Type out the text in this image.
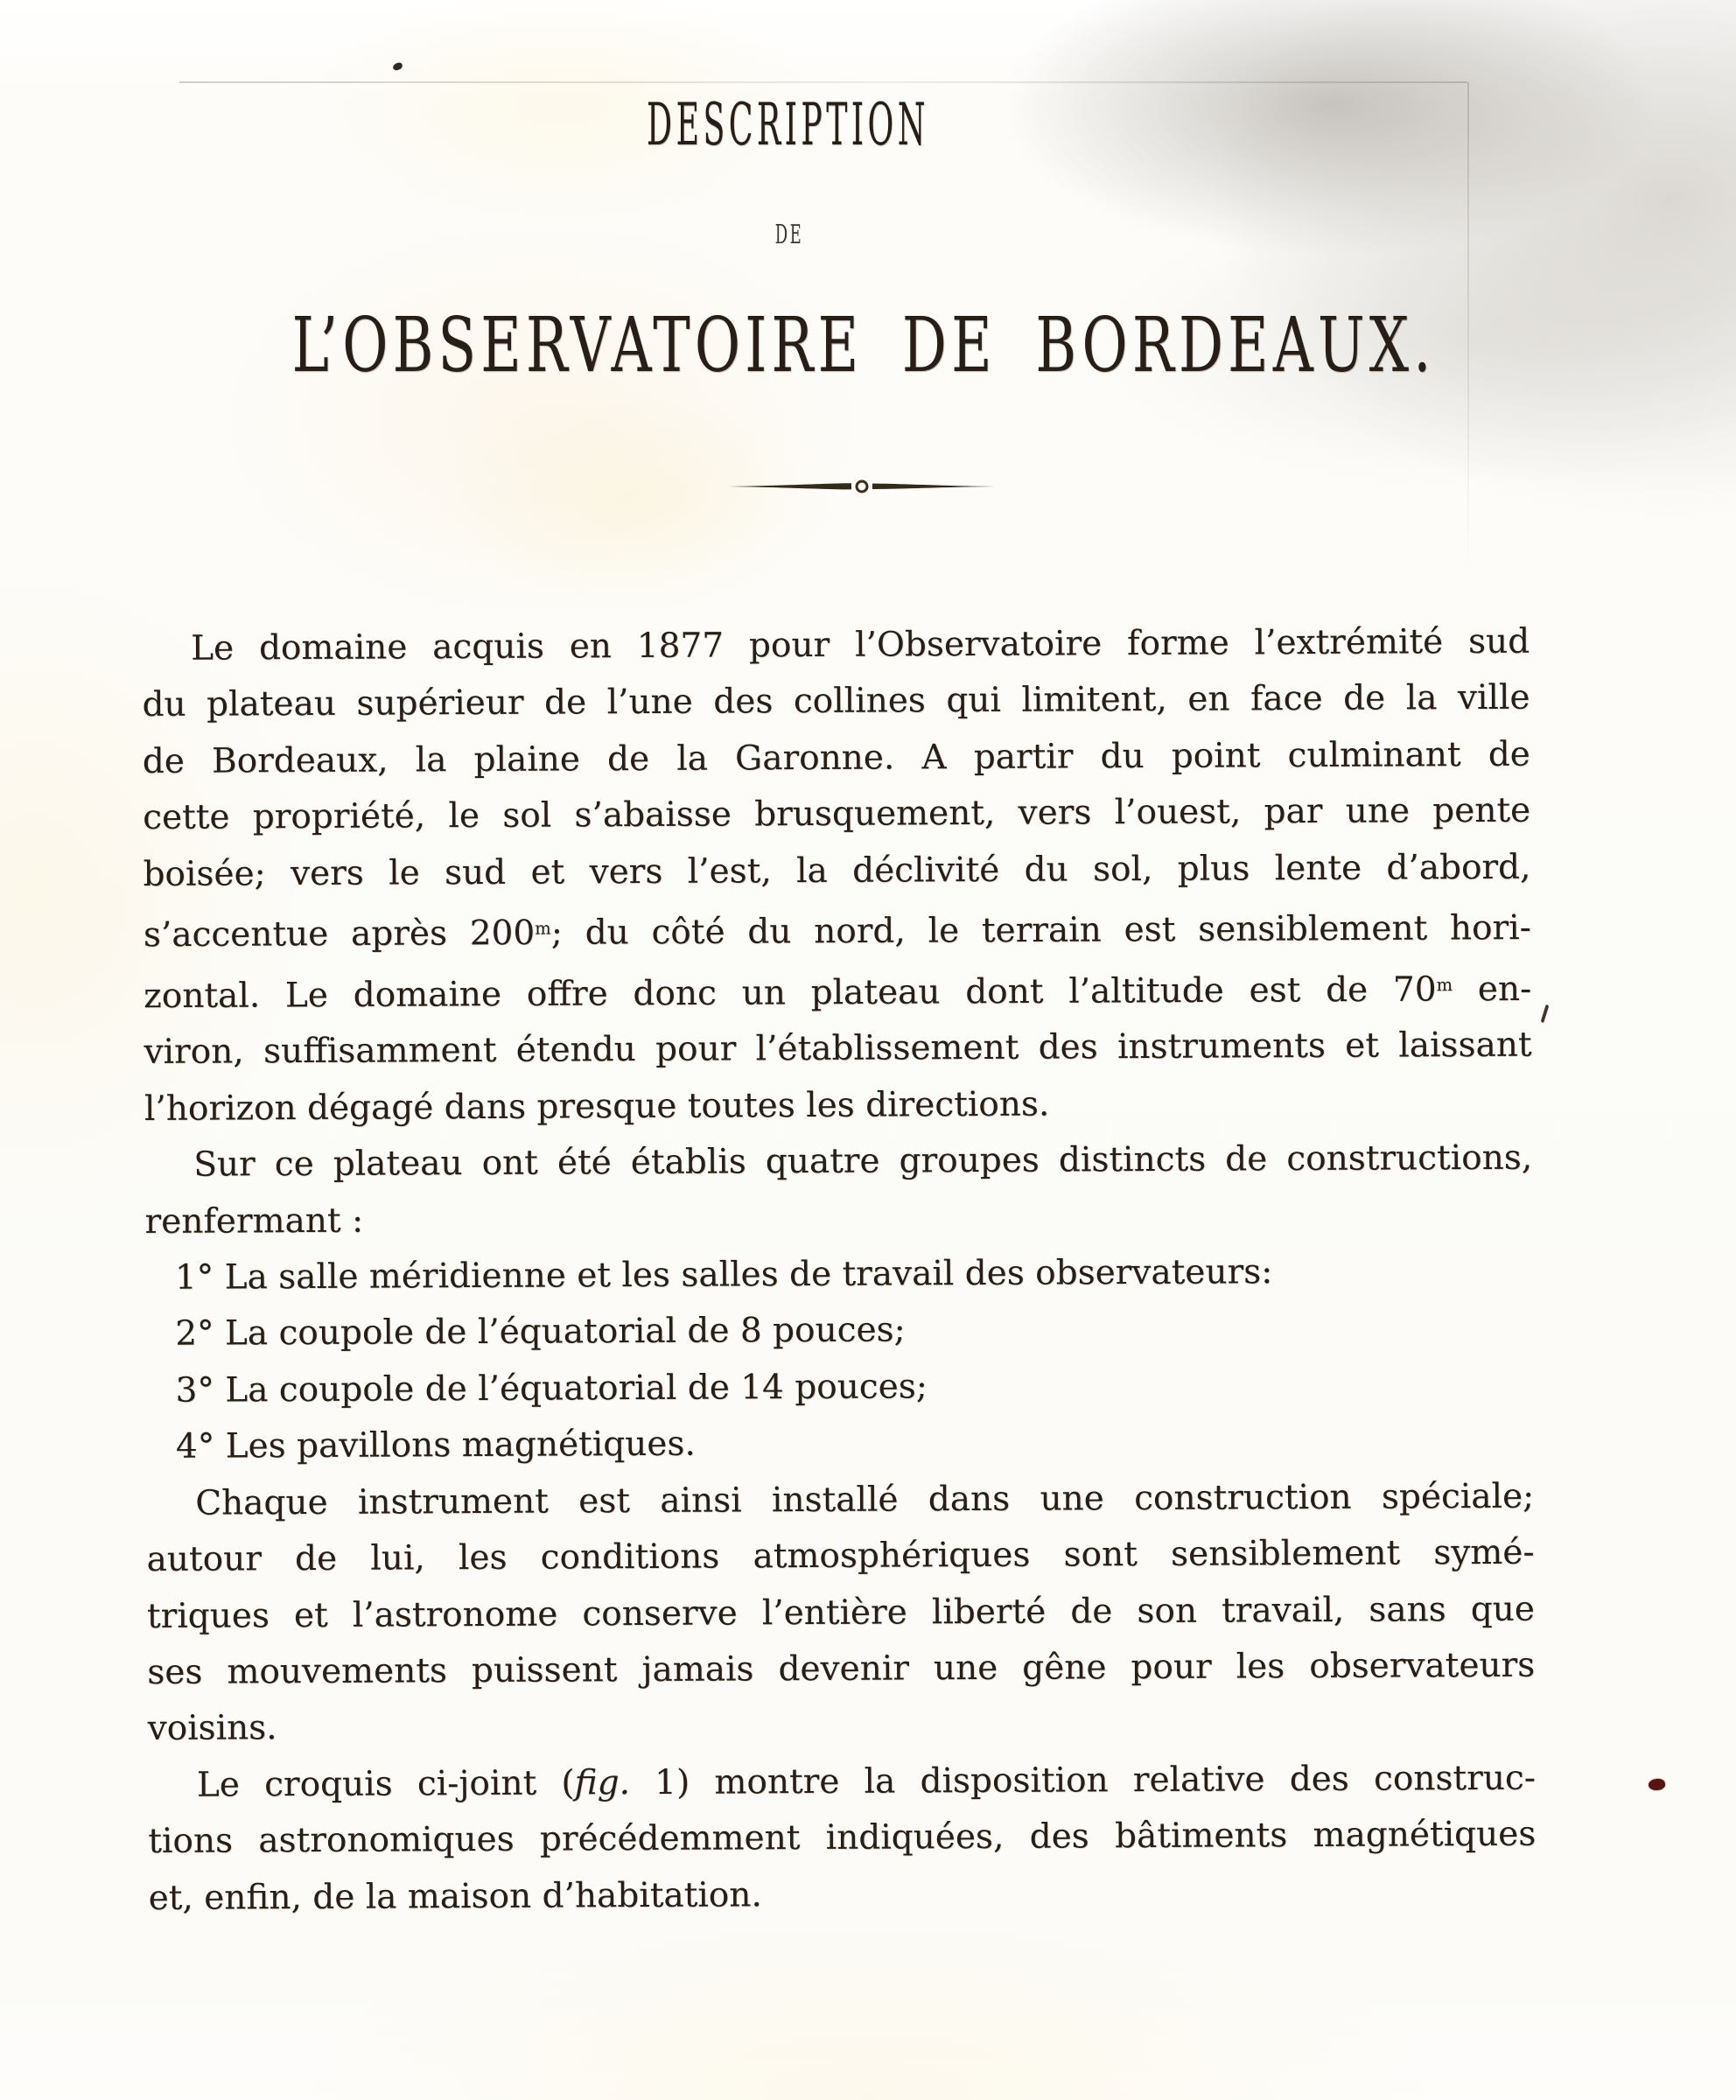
DESCRIPTION
DE
L’OBSERVATOIRE DE BORDEAUX.
Le domaine acquis en 1877 pour l’Observatoire forme l’extrémité sud
du plateau supérieur de l’une des collines qui limitent, en face de la ville
de Bordeaux, la plaine de la Garonne. A partir du point culminant de
cette propriété, le sol s’abaisse brusquement, vers l’ouest, par une pente
boisée; vers le sud et vers l’est, la déclivité du sol, plus lente d’abord,
s’accentue après 200$^m$; du côté du nord, le terrain est sensiblement hori-
zontal. Le domaine offre donc un plateau dont l’altitude est de 70$^m$ en-
viron, suffisamment étendu pour l’établissement des instruments et laissant
l’horizon dégagé dans presque toutes les directions.
Sur ce plateau ont été établis quatre groupes distincts de constructions,
renfermant :
1° La salle méridienne et les salles de travail des observateurs:
2° La coupole de l’équatorial de 8 pouces;
3° La coupole de l’équatorial de 14 pouces;
4° Les pavillons magnétiques.
Chaque instrument est ainsi installé dans une construction spéciale;
autour de lui, les conditions atmosphériques sont sensiblement symé-
triques et l’astronome conserve l’entière liberté de son travail, sans que
ses mouvements puissent jamais devenir une gêne pour les observateurs
voisins.
Le croquis ci-joint (fig. 1) montre la disposition relative des construc-
tions astronomiques précédemment indiquées, des bâtiments magnétiques
et, enfin, de la maison d’habitation.
